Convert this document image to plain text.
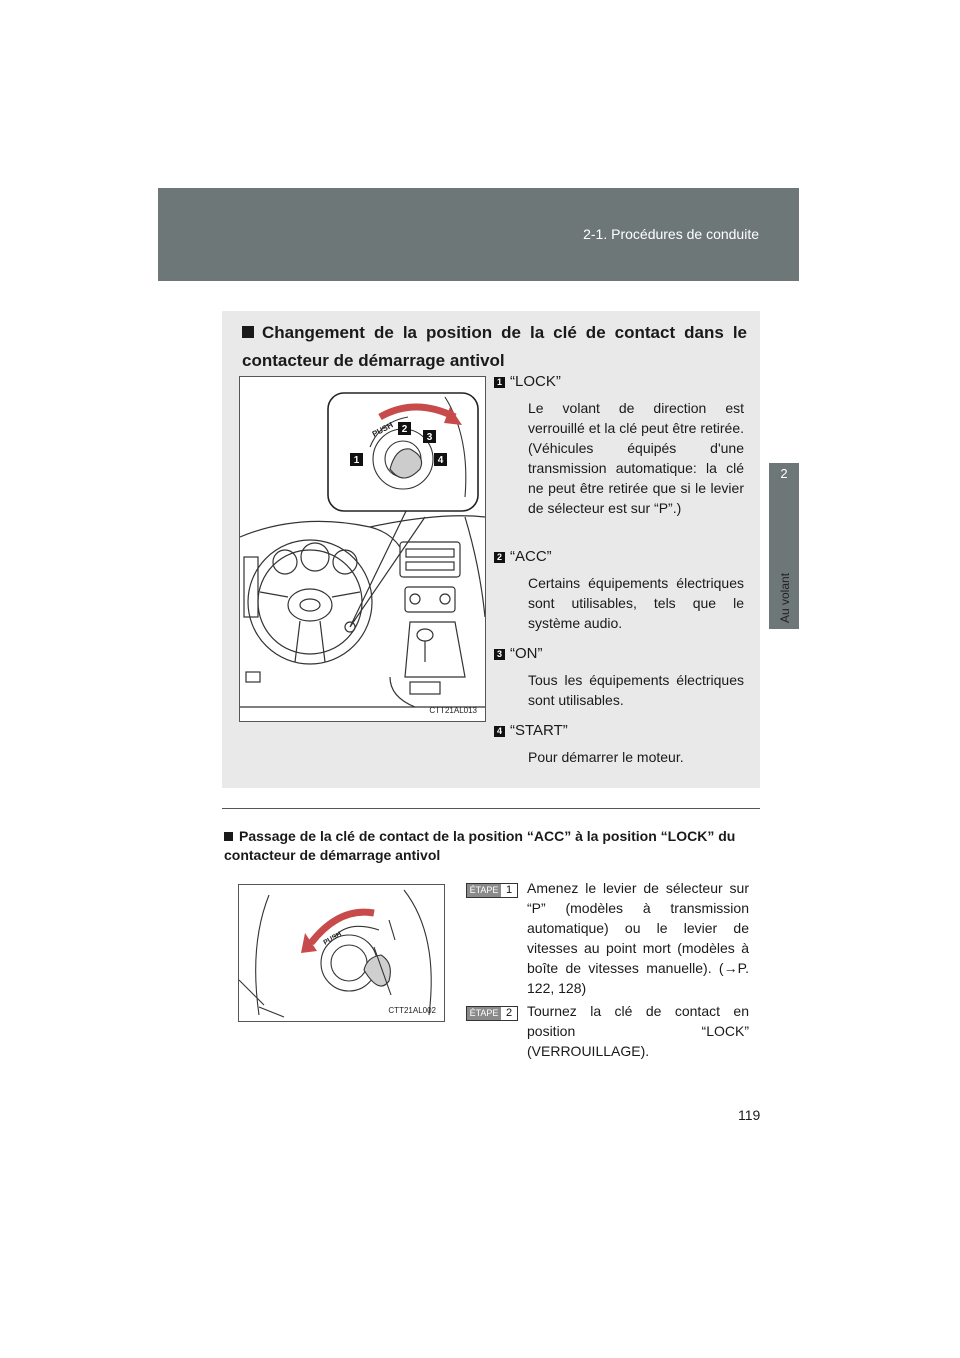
2-1. Procédures de conduite
2
Au volant
Changement de la position de la clé de contact dans le contacteur de démarrage antivol
PUSH
1
2
3
4
CTT21AL013
1 “LOCK”
Le volant de direction est verrouillé et la clé peut être retirée. (Véhicules équipés d'une transmission automatique: la clé ne peut être retirée que si le levier de sélecteur est sur “P”.)
2 “ACC”
Certains équipements électriques sont utilisables, tels que le système audio.
3 “ON”
Tous les équipements électriques sont utilisables.
4 “START”
Pour démarrer le moteur.
Passage de la clé de contact de la position “ACC” à la position “LOCK” du contacteur de démarrage antivol
PUSH
CTT21AL002
ÉTAPE 1	Amenez le levier de sélecteur sur “P” (modèles à transmission automatique) ou le levier de vitesses au point mort (modèles à boîte de vitesses manuelle). (→P. 122, 128)
ÉTAPE 2	Tournez la clé de contact en position “LOCK” (VERROUILLAGE).
119
